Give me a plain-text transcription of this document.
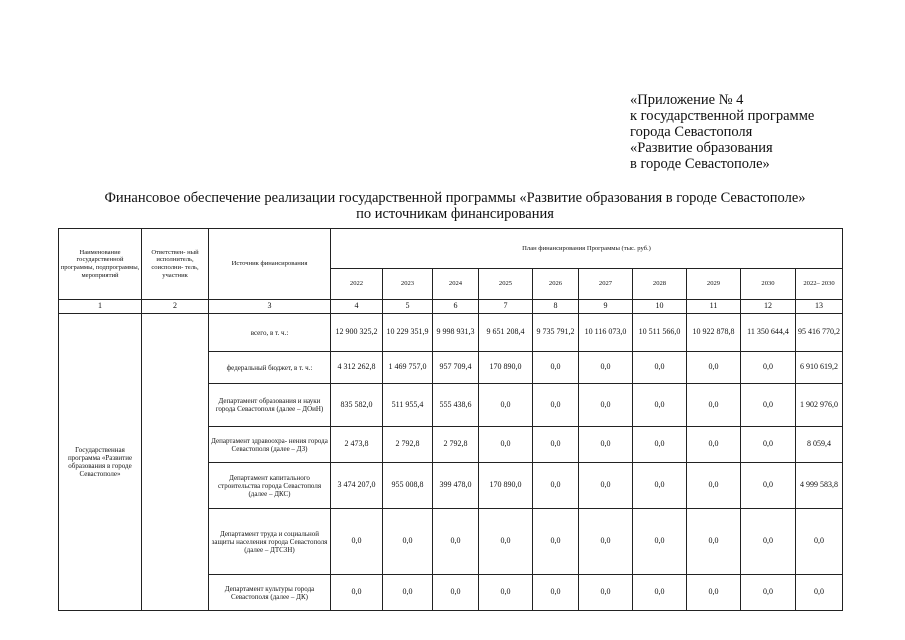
«Приложение № 4
к государственной программе
города Севастополя
«Развитие образования
в городе Севастополе»
Финансовое обеспечение реализации государственной программы «Развитие образования в городе Севастополе»
по источникам финансирования
Наименование государственной программы, подпрограммы, мероприятий	Ответствен- ный исполнитель, соисполни- тель, участник	Источник финансирования	План финансирования Программы (тыс. руб.)									
			2022	2023	2024	2025	2026	2027	2028	2029	2030	2022– 2030
1	2	3	4	5	6	7	8	9	10	11	12	13
Государственная программа «Развитие образования в городе Севастополе»		всего, в т. ч.:	12 900 325,2	10 229 351,9	9 998 931,3	9 651 208,4	9 735 791,2	10 116 073,0	10 511 566,0	10 922 878,8	11 350 644,4	95 416 770,2
		федеральный бюджет, в т. ч.:	4 312 262,8	1 469 757,0	957 709,4	170 890,0	0,0	0,0	0,0	0,0	0,0	6 910 619,2
		Департамент образования и науки города Севастополя (далее – ДОиН)	835 582,0	511 955,4	555 438,6	0,0	0,0	0,0	0,0	0,0	0,0	1 902 976,0
		Департамент здравоохра- нения города Севастополя (далее – ДЗ)	2 473,8	2 792,8	2 792,8	0,0	0,0	0,0	0,0	0,0	0,0	8 059,4
		Департамент капитального строительства города Севастополя (далее – ДКС)	3 474 207,0	955 008,8	399 478,0	170 890,0	0,0	0,0	0,0	0,0	0,0	4 999 583,8
		Департамент труда и социальной защиты населения города Севастополя (далее – ДТСЗН)	0,0	0,0	0,0	0,0	0,0	0,0	0,0	0,0	0,0	0,0
		Департамент культуры города Севастополя (далее – ДК)	0,0	0,0	0,0	0,0	0,0	0,0	0,0	0,0	0,0	0,0
